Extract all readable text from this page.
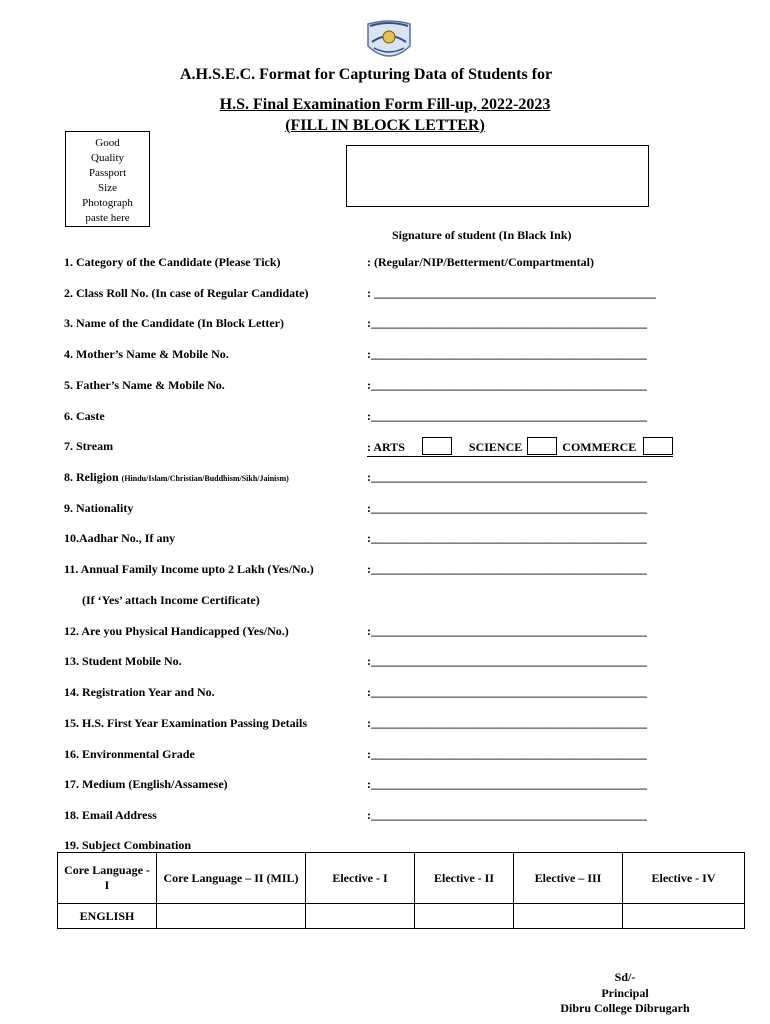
A.H.S.E.C. Format for Capturing Data of Students for
H.S. Final Examination Form Fill-up, 2022-2023
(FILL IN BLOCK LETTER)
Good
Quality
Passport
Size
Photograph
paste here
Signature of student (In Black Ink)
1. Category of the Candidate (Please Tick)	: (Regular/NIP/Betterment/Compartmental)
2. Class Roll No. (In case of Regular Candidate)	: _______________________________________________
3. Name of the Candidate (In Block Letter)	:______________________________________________
4. Mother’s Name & Mobile No.	:______________________________________________
5. Father’s Name & Mobile No.	:______________________________________________
6. Caste	:______________________________________________
7. Stream	: ARTS	SCIENCE	COMMERCE
8. Religion (Hindu/Islam/Christian/Buddhism/Sikh/Jainism)	:______________________________________________
9. Nationality	:______________________________________________
10.Aadhar No., If any	:______________________________________________
11. Annual Family Income upto 2 Lakh (Yes/No.)	:______________________________________________
(If ‘Yes’ attach Income Certificate)
12. Are you Physical Handicapped (Yes/No.)	:______________________________________________
13. Student Mobile No.	:______________________________________________
14. Registration Year and No.	:______________________________________________
15. H.S. First Year Examination Passing Details	:______________________________________________
16. Environmental Grade	:______________________________________________
17. Medium (English/Assamese)	:______________________________________________
18. Email Address	:______________________________________________
19. Subject Combination
Core Language - I	Core Language – II (MIL)	Elective - I	Elective - II	Elective – III	Elective - IV
ENGLISH					
Sd/-
Principal
Dibru College Dibrugarh
